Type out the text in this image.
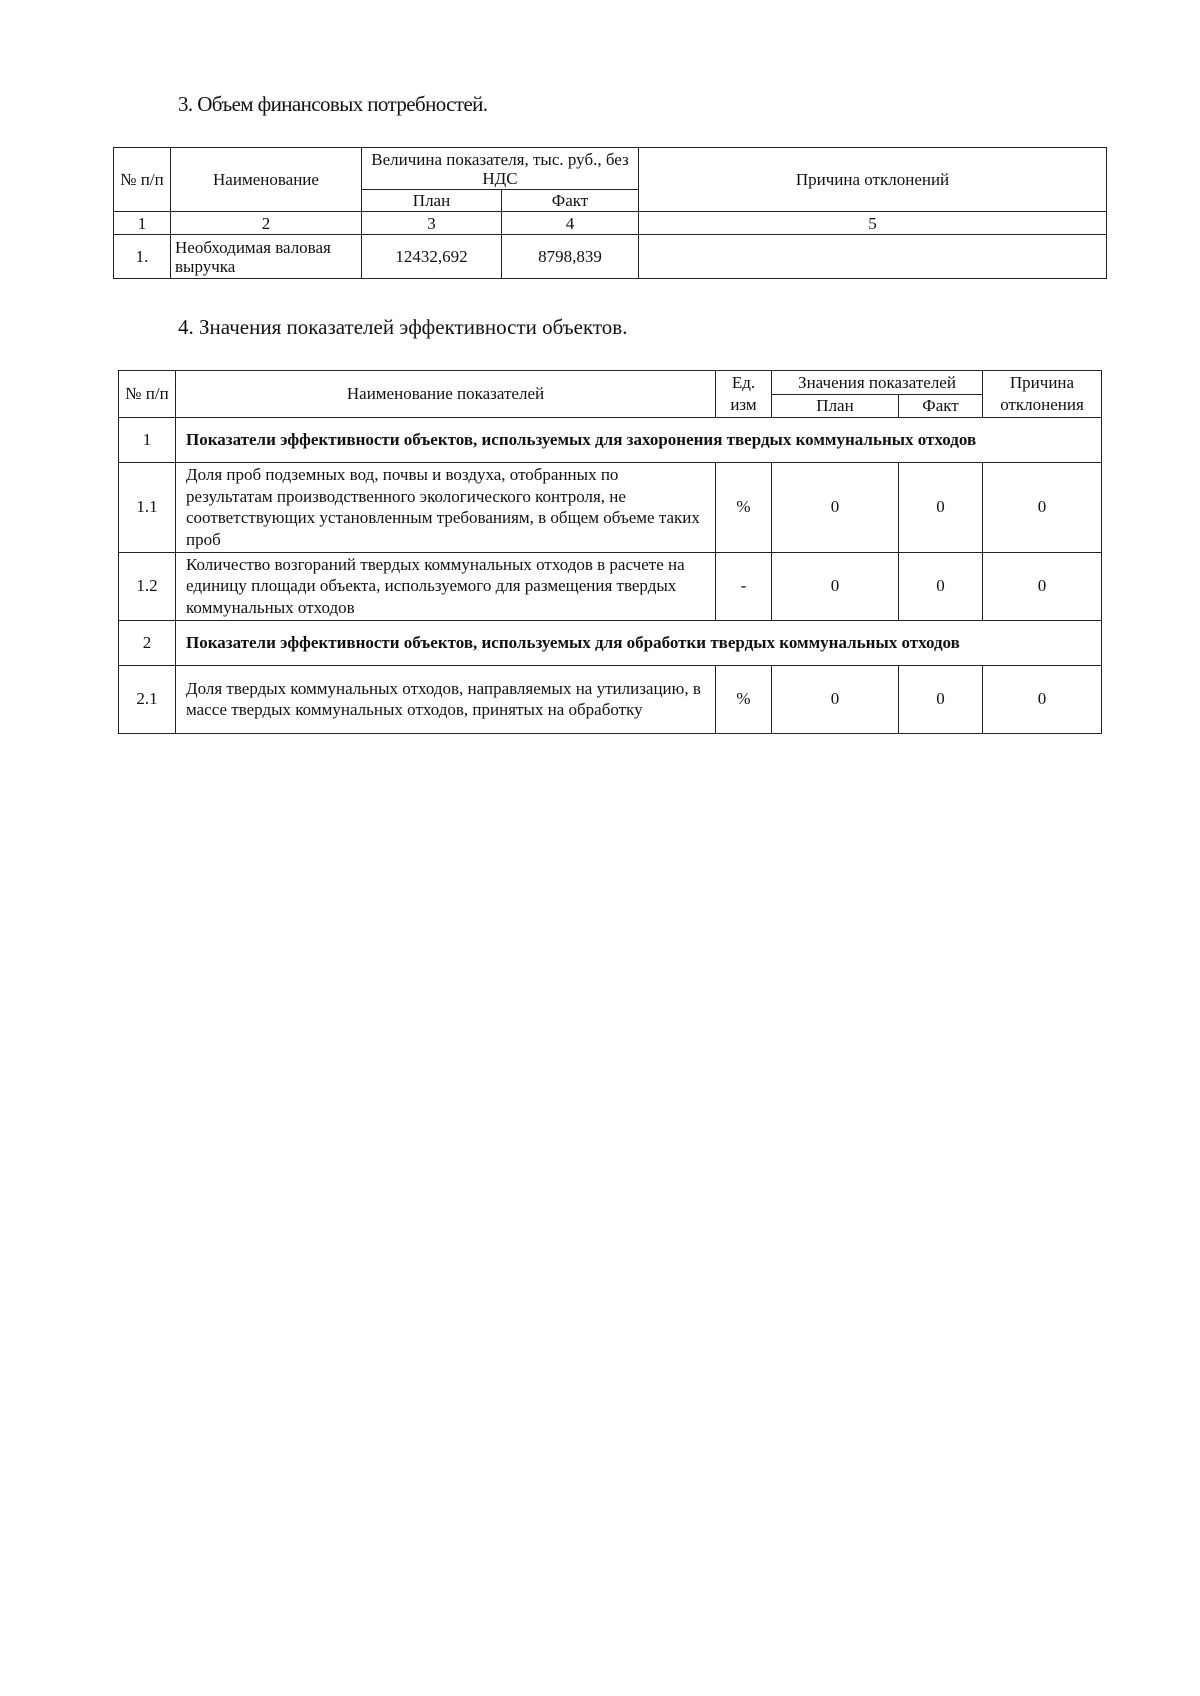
3. Объем финансовых потребностей.
№ п/п	Наименование	Величина показателя, тыс. руб., без НДС		Причина отклонений
		План	Факт	
1	2	3	4	5
1.	Необходимая валовая выручка	12432,692	8798,839	
4. Значения показателей эффективности объектов.
№ п/п	Наименование показателей	Ед. изм	Значения показателей		Причина отклонения
			План	Факт	
1	Показатели эффективности объектов, используемых для захоронения твердых коммунальных отходов				
1.1	Доля проб подземных вод, почвы и воздуха, отобранных по результатам производственного экологического контроля, не соответствующих установленным требованиям, в общем объеме таких проб	%	0	0	0
1.2	Количество возгораний твердых коммунальных отходов в расчете на единицу площади объекта, используемого для размещения твердых коммунальных отходов	-	0	0	0
2	Показатели эффективности объектов, используемых для обработки твердых коммунальных отходов				
2.1	Доля твердых коммунальных отходов, направляемых на утилизацию, в массе твердых коммунальных отходов, принятых на обработку	%	0	0	0
